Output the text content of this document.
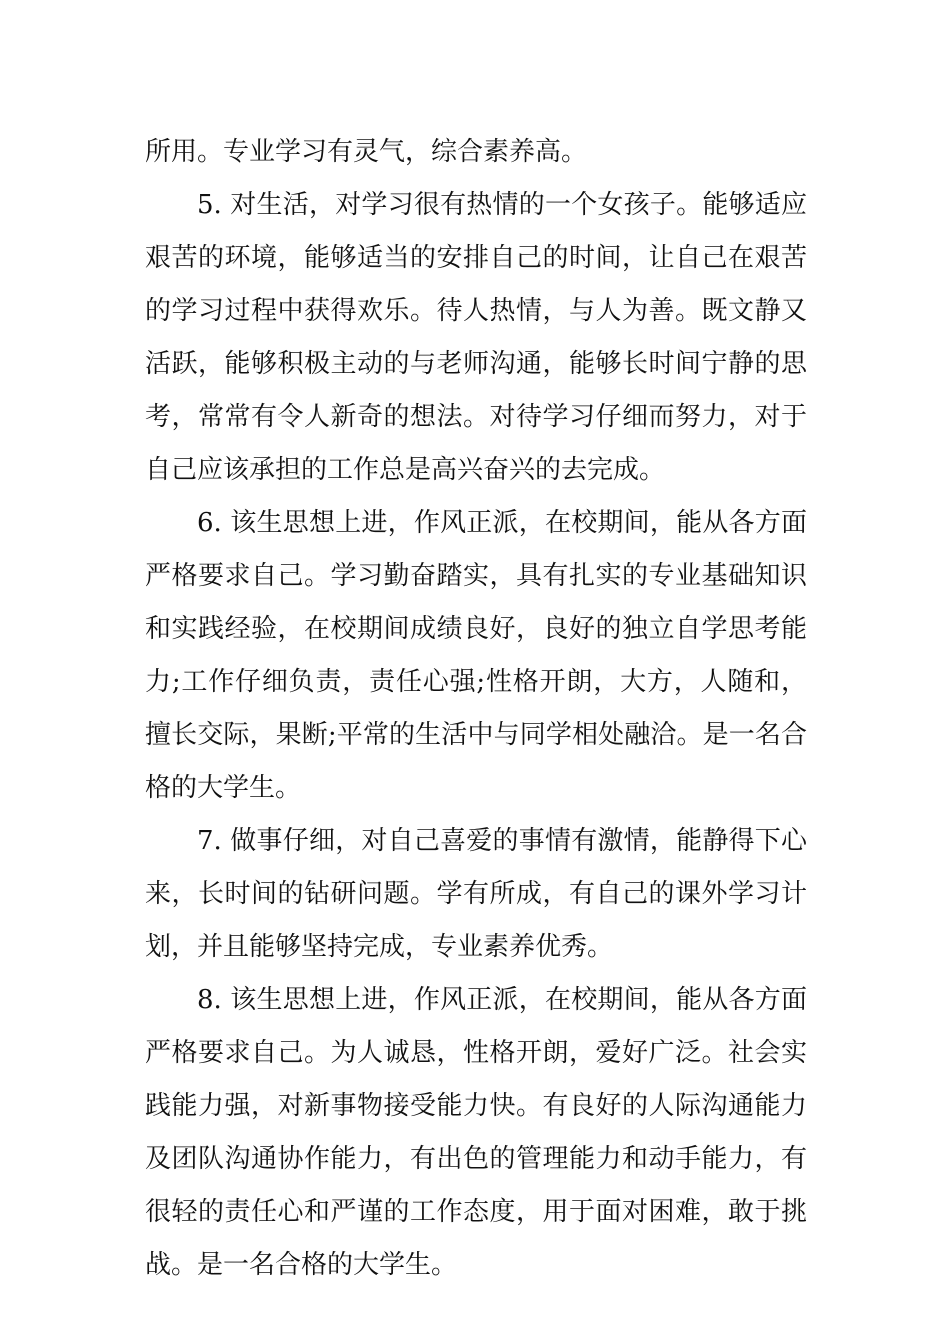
所用。专业学习有灵气，综合素养高。
5. 对生活，对学习很有热情的一个女孩子。能够适应
艰苦的环境，能够适当的安排自己的时间，让自己在艰苦
的学习过程中获得欢乐。待人热情，与人为善。既文静又
活跃，能够积极主动的与老师沟通，能够长时间宁静的思
考，常常有令人新奇的想法。对待学习仔细而努力，对于
自己应该承担的工作总是高兴奋兴的去完成。
6. 该生思想上进，作风正派，在校期间，能从各方面
严格要求自己。学习勤奋踏实，具有扎实的专业基础知识
和实践经验，在校期间成绩良好，良好的独立自学思考能
力;工作仔细负责，责任心强;性格开朗，大方，人随和，
擅长交际，果断;平常的生活中与同学相处融洽。是一名合
格的大学生。
7. 做事仔细，对自己喜爱的事情有激情，能静得下心
来，长时间的钻研问题。学有所成，有自己的课外学习计
划，并且能够坚持完成，专业素养优秀。
8. 该生思想上进，作风正派，在校期间，能从各方面
严格要求自己。为人诚恳，性格开朗，爱好广泛。社会实
践能力强，对新事物接受能力快。有良好的人际沟通能力
及团队沟通协作能力，有出色的管理能力和动手能力，有
很轻的责任心和严谨的工作态度，用于面对困难，敢于挑
战。是一名合格的大学生。
